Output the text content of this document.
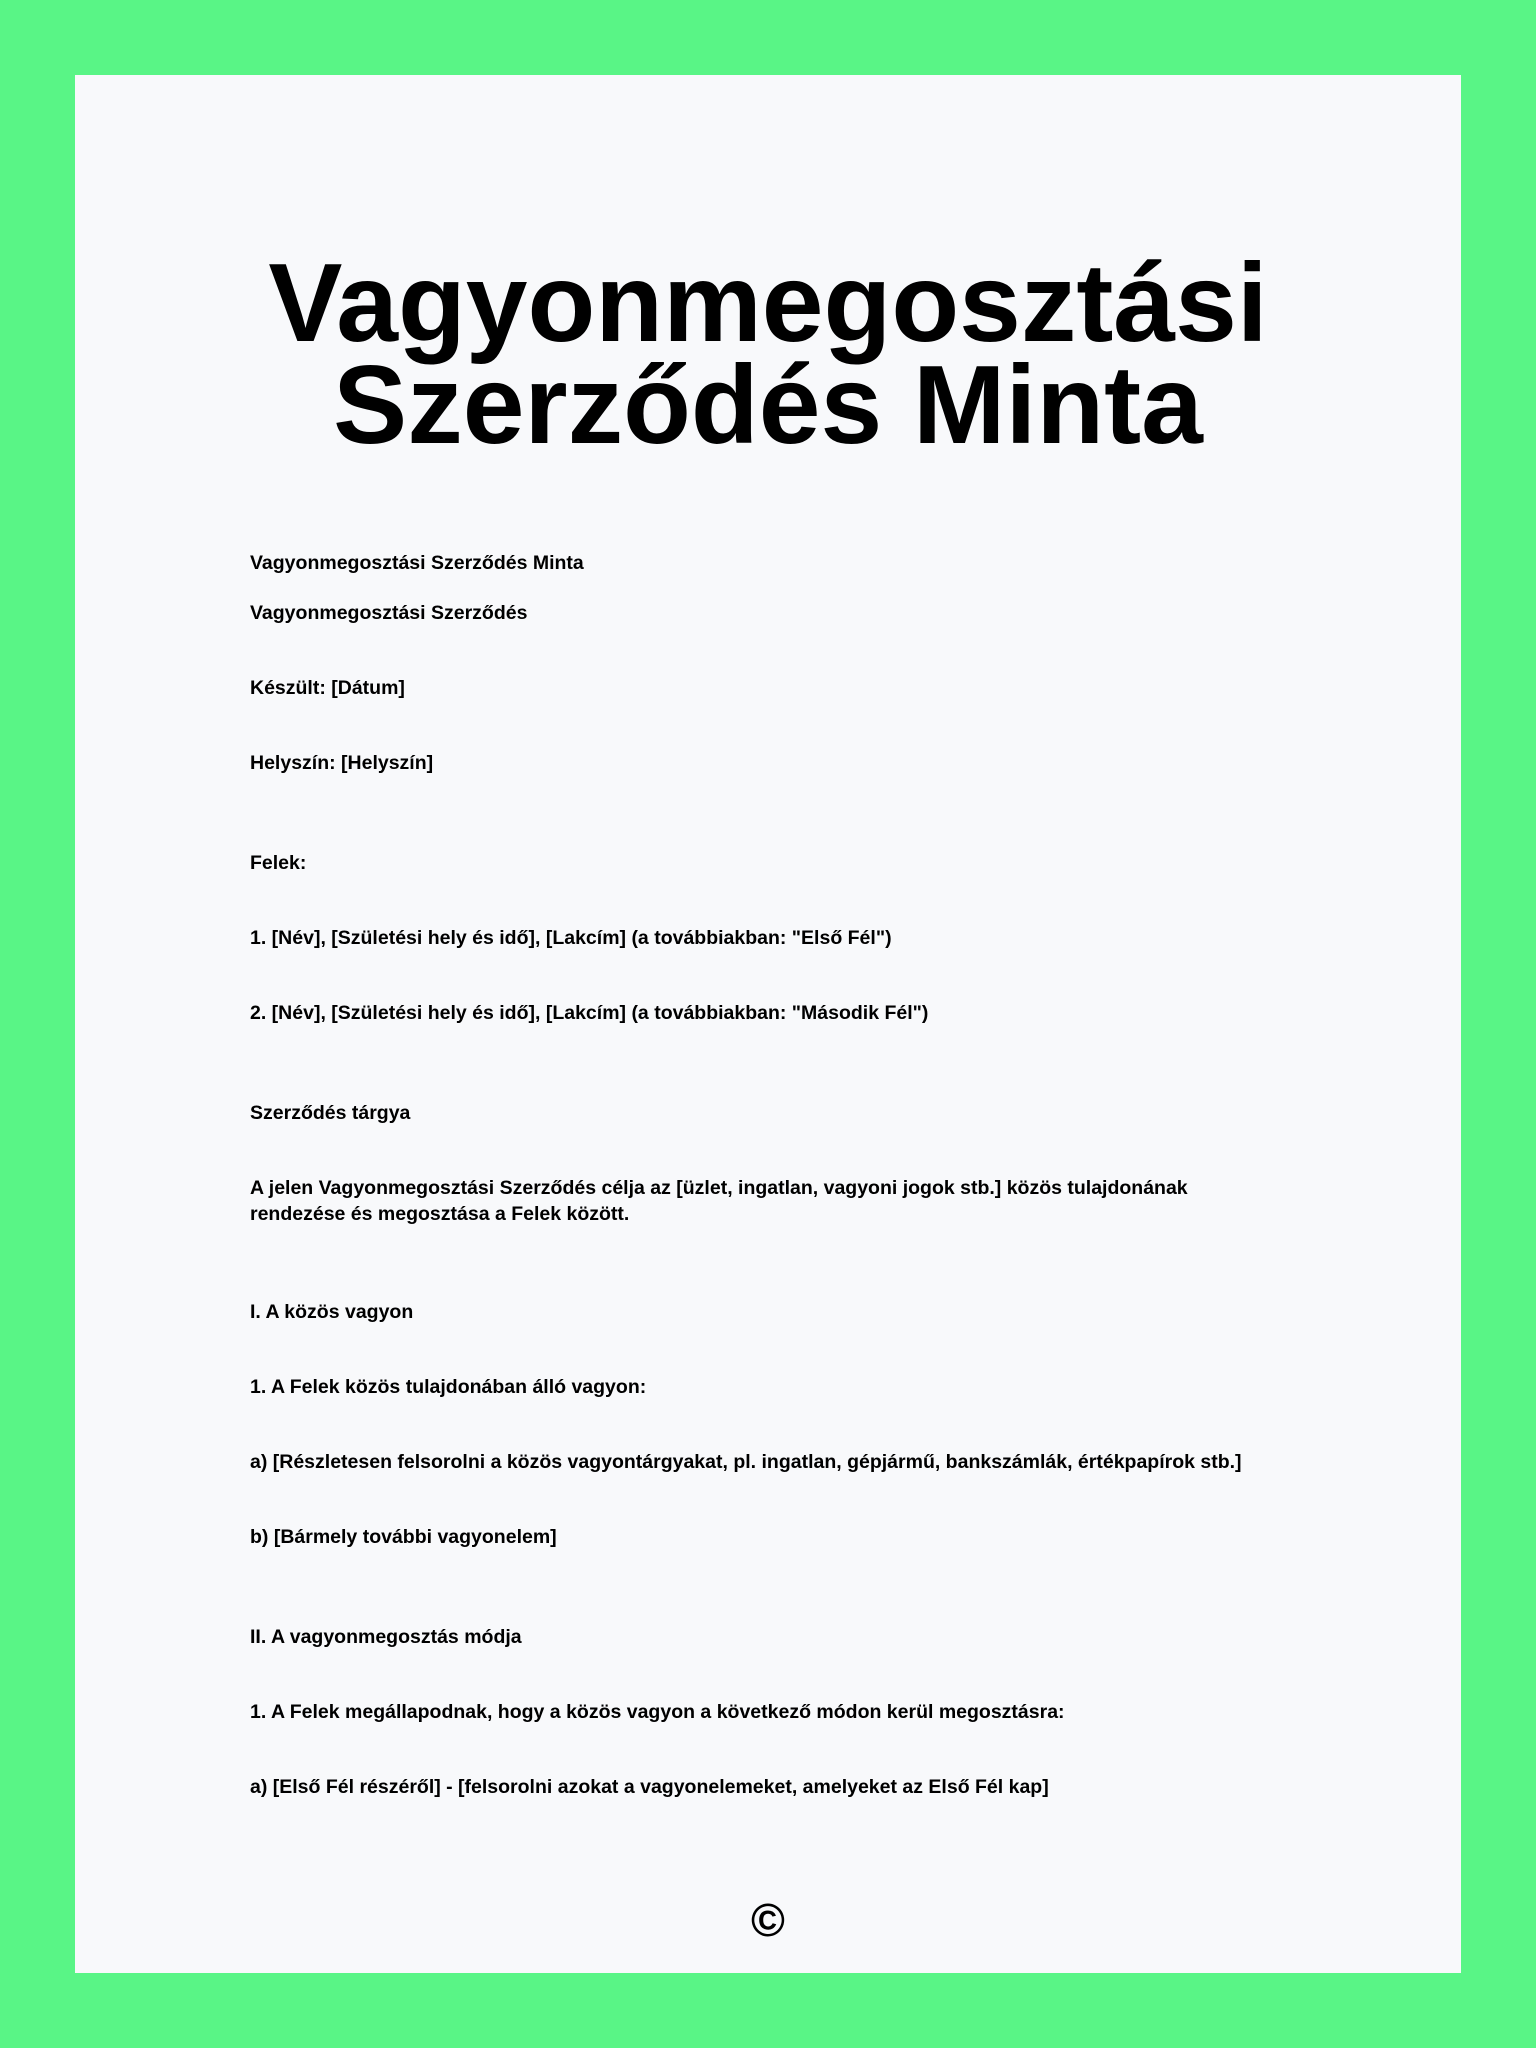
Vagyonmegosztási
Szerződés Minta

Vagyonmegosztási Szerződés Minta

Vagyonmegosztási Szerződés

Készült: [Dátum]

Helyszín: [Helyszín]

Felek:

1. [Név], [Születési hely és idő], [Lakcím] (a továbbiakban: "Első Fél")

2. [Név], [Születési hely és idő], [Lakcím] (a továbbiakban: "Második Fél")

Szerződés tárgya

A jelen Vagyonmegosztási Szerződés célja az [üzlet, ingatlan, vagyoni jogok stb.] közös tulajdonának rendezése és megosztása a Felek között.

I. A közös vagyon

1. A Felek közös tulajdonában álló vagyon:

a) [Részletesen felsorolni a közös vagyontárgyakat, pl. ingatlan, gépjármű, bankszámlák, értékpapírok stb.]

b) [Bármely további vagyonelem]

II. A vagyonmegosztás módja

1. A Felek megállapodnak, hogy a közös vagyon a következő módon kerül megosztásra:

a) [Első Fél részéről] - [felsorolni azokat a vagyonelemeket, amelyeket az Első Fél kap]

©
